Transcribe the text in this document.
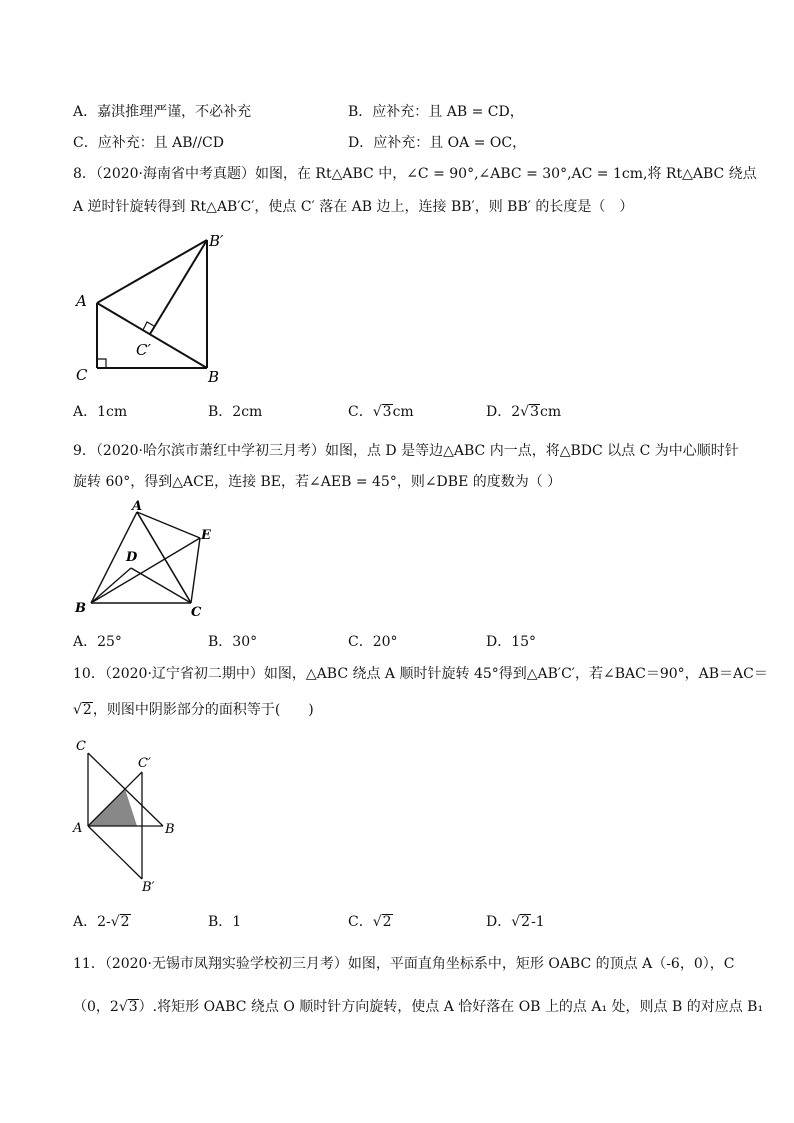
A．嘉淇推理严谨，不必补充	B．应补充：且 AB = CD，
C．应补充：且 AB//CD	D．应补充：且 OA = OC，
8．（2020·海南省中考真题）如图，在 Rt△ABC 中，∠C = 90°,∠ABC = 30°,AC = 1cm,将 Rt△ABC 绕点
A 逆时针旋转得到 Rt△AB′C′，使点 C′ 落在 AB 边上，连接 BB′，则 BB′ 的长度是（　）
A
C	B
B′
C′
A．1cm	B．2cm	C．√3cm	D．2√3cm
9．（2020·哈尔滨市萧红中学初三月考）如图，点 D 是等边△ABC 内一点，将△BDC 以点 C 为中心顺时针
旋转 60°，得到△ACE，连接 BE，若∠AEB = 45°，则∠DBE 的度数为（ ）
A
B	C
D
E
A．25°	B．30°	C．20°	D．15°
10．（2020·辽宁省初二期中）如图，△ABC 绕点 A 顺时针旋转 45°得到△AB′C′，若∠BAC＝90°，AB＝AC＝
√2，则图中阴影部分的面积等于(　　)
C
C′
A	B
B′
A．2-√2	B．1	C．√2	D．√2-1
11．（2020·无锡市凤翔实验学校初三月考）如图，平面直角坐标系中，矩形 OABC 的顶点 A（-6，0），C
（0，2√3）.将矩形 OABC 绕点 O 顺时针方向旋转，使点 A 恰好落在 OB 上的点 A₁ 处，则点 B 的对应点 B₁
